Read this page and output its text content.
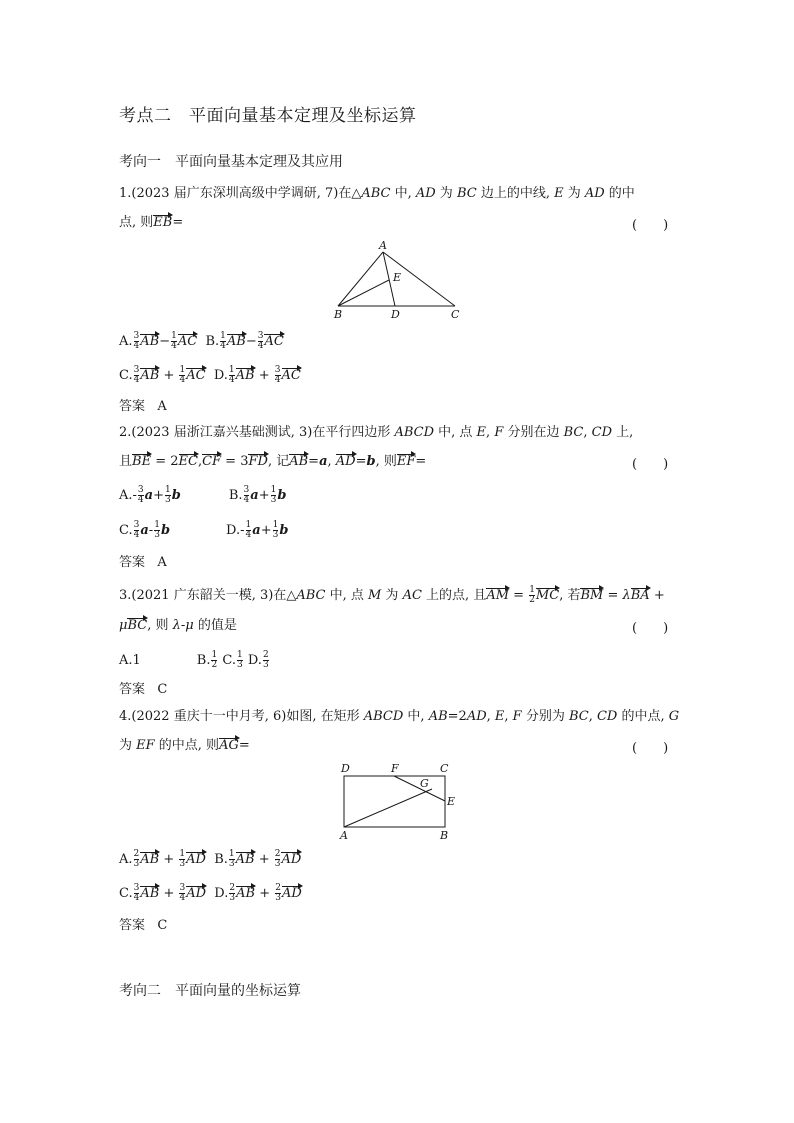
考点二　平面向量基本定理及坐标运算
考向一　平面向量基本定理及其应用
1.(2023 届广东深圳高级中学调研, 7)在△ABC 中, AD 为 BC 边上的中线, E 为 AD 的中
点, 则EB=	(　　)
A
B	C
D
E
A. $\frac{3}{4} AB- \frac{1}{4}$ AC  B. $\frac{1}{4} AB- \frac{3}{4}$ AC
C. $\frac{3}{4}$ AB + $\frac{1}{4}$ AC  D. $\frac{1}{4}$ AB + $\frac{3}{4}$ AC
答案 A
2.(2023 届浙江嘉兴基础测试, 3)在平行四边形 ABCD 中, 点 E, F 分别在边 BC, CD 上,
且BE = 2EC,CF = 3FD, 记AB=a, AD=b, 则EF=	(　　)
$A.- \frac{3}{4} a+ \frac{1}{3}$ b	B. $\frac{3}{4} a+ \frac{1}{3}$ b
C. $\frac{3}{4} a- \frac{1}{3}$ b	$D.- \frac{1}{4} a+ \frac{1}{3}$ b
答案 A
3.(2021 广东韶关一模, 3)在△ABC 中, 点 M 为 AC 上的点, 且AM = $\frac{1}{2}$ MC, 若BM = λBA +
μBC, 则 λ-μ 的值是	(　　)
A.1	B. $\frac{1}{2} C$. $\frac{1}{3} D$. $\frac{2}{3}$
答案 C
4.(2022 重庆十一中月考, 6)如图, 在矩形 ABCD 中, AB=2AD, E, F 分别为 BC, CD 的中点, G
为 EF 的中点, 则AG=	(　　)
D	F	C
G
E
A	B
A. $\frac{2}{3}$ AB + $\frac{1}{3}$ AD  B. $\frac{1}{3}$ AB + $\frac{2}{3}$ AD
C. $\frac{3}{4}$ AB + $\frac{3}{4}$ AD  D. $\frac{2}{3}$ AB + $\frac{2}{3}$ AD
答案 C
考向二　平面向量的坐标运算
